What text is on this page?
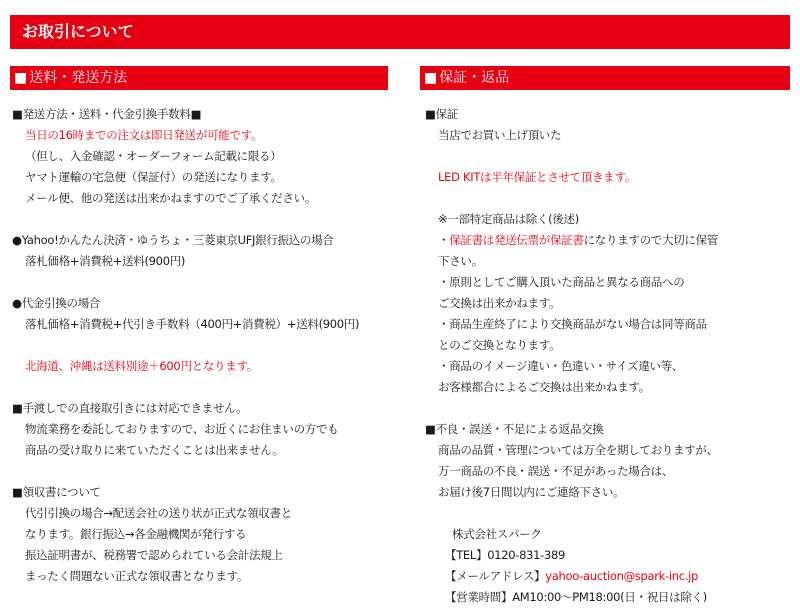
お取引について
■ 送料・発送方法	■ 保証・返品
■発送方法・送料・代金引換手数料■
当日の16時までの注文は即日発送が可能です。
（但し、入金確認・オーダーフォーム記載に限る）
ヤマト運輸の宅急便（保証付）の発送になります。
メール便、他の発送は出来かねますのでご了承ください。
●Yahoo!かんたん決済・ゆうちょ・三菱東京UFJ銀行振込の場合
落札価格+消費税+送料(900円)
●代金引換の場合
落札価格+消費税+代引き手数料（400円+消費税）+送料(900円)
北海道、沖縄は送料別途＋600円となります。
■手渡しでの直接取引きには対応できません。
物流業務を委託しておりますので、お近くにお住まいの方でも
商品の受け取りに来ていただくことは出来ません。
■領収書について
代引引換の場合→配送会社の送り状が正式な領収書と
なります。銀行振込→各金融機関が発行する
振込証明書が、税務署で認められている会計法規上
まったく問題ない正式な領収書となります。
■保証
当店でお買い上げ頂いた
LED KITは半年保証とさせて頂きます。
※一部特定商品は除く(後述)
・保証書は発送伝票が保証書になりますので大切に保管
下さい。
・原則としてご購入頂いた商品と異なる商品への
ご交換は出来かねます。
・商品生産終了により交換商品がない場合は同等商品
とのご交換となります。
・商品のイメージ違い・色違い・サイズ違い等、
お客様都合によるご交換は出来かねます。
■不良・誤送・不足による返品交換
商品の品質・管理については万全を期しておりますが、
万一商品の不良・誤送・不足があった場合は、
お届け後7日間以内にご連絡下さい。
株式会社スパーク
【TEL】0120-831-389
【メールアドレス】yahoo-auction@spark-inc.jp
【営業時間】AM10:00～PM18:00(日・祝日は除く)
